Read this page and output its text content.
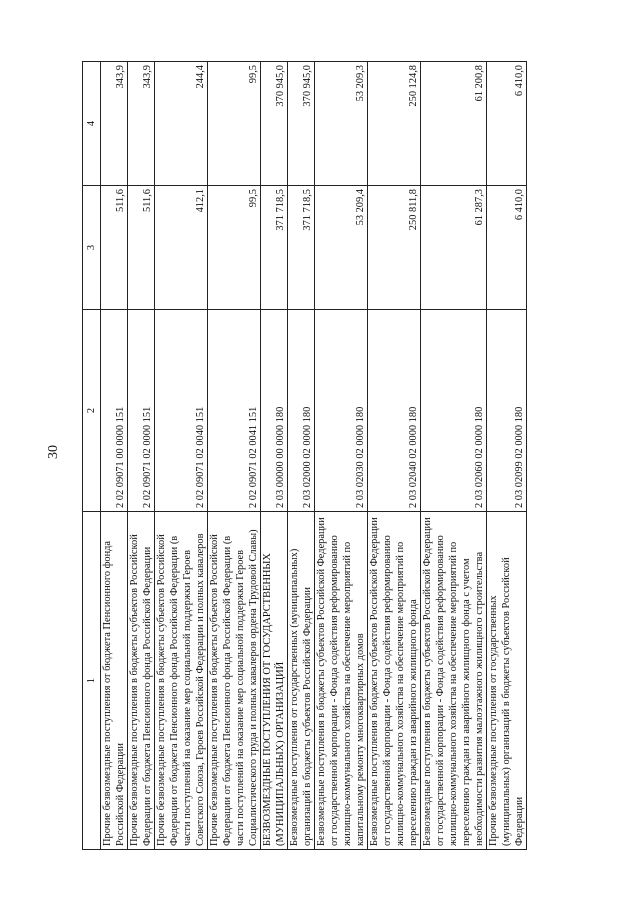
30
1	2	3	4
Прочие безвозмездные поступления от бюджета Пенсионного фонда Российской Федерации	2 02 09071 00 0000 151	511,6	343,9
Прочие безвозмездные поступления в бюджеты субъектов Российской Федерации от бюджета Пенсионного фонда Российской Федерации	2 02 09071 02 0000 151	511,6	343,9
Прочие безвозмездные поступления в бюджеты субъектов Российской Федерации от бюджета Пенсионного фонда Российской Федерации (в части поступлений на оказание мер социальной поддержки Героев Советского Союза, Героев Российской Федерации и полных кавалеров	2 02 09071 02 0040 151	412,1	244,4
Прочие безвозмездные поступления в бюджеты субъектов Российской Федерации от бюджета Пенсионного фонда Российской Федерации (в части поступлений на оказание мер социальной поддержки Героев Социалистического труда и полных кавалеров ордена Трудовой Славы)	2 02 09071 02 0041 151	99,5	99,5
БЕЗВОЗМЕЗДНЫЕ ПОСТУПЛЕНИЯ ОТ ГОСУДАРСТВЕННЫХ (МУНИЦИПАЛЬНЫХ) ОРГАНИЗАЦИЙ	2 03 00000 00 0000 180	371 718,5	370 945,0
Безвозмездные поступления от государственных (муниципальных) организаций в бюджеты субъектов Российской Федерации	2 03 02000 02 0000 180	371 718,5	370 945,0
Безвозмездные поступления в бюджеты субъектов Российской Федерации от государственной корпорации - Фонда содействия реформированию жилищно-коммунального хозяйства на обеспечение мероприятий по капитальному ремонту многоквартирных домов	2 03 02030 02 0000 180	53 209,4	53 209,3
Безвозмездные поступления в бюджеты субъектов Российской Федерации от государственной корпорации - Фонда содействия реформированию жилищно-коммунального хозяйства на обеспечение мероприятий по переселению граждан из аварийного жилищного фонда	2 03 02040 02 0000 180	250 811,8	250 124,8
Безвозмездные поступления в бюджеты субъектов Российской Федерации от государственной корпорации - Фонда содействия реформированию жилищно-коммунального хозяйства на обеспечение мероприятий по переселению граждан из аварийного жилищного фонда с учетом необходимости развития малоэтажного жилищного строительства	2 03 02060 02 0000 180	61 287,3	61 200,8
Прочие безвозмездные поступления от государственных (муниципальных) организаций в бюджеты субъектов Российской Федерации	2 03 02099 02 0000 180	6 410,0	6 410,0
